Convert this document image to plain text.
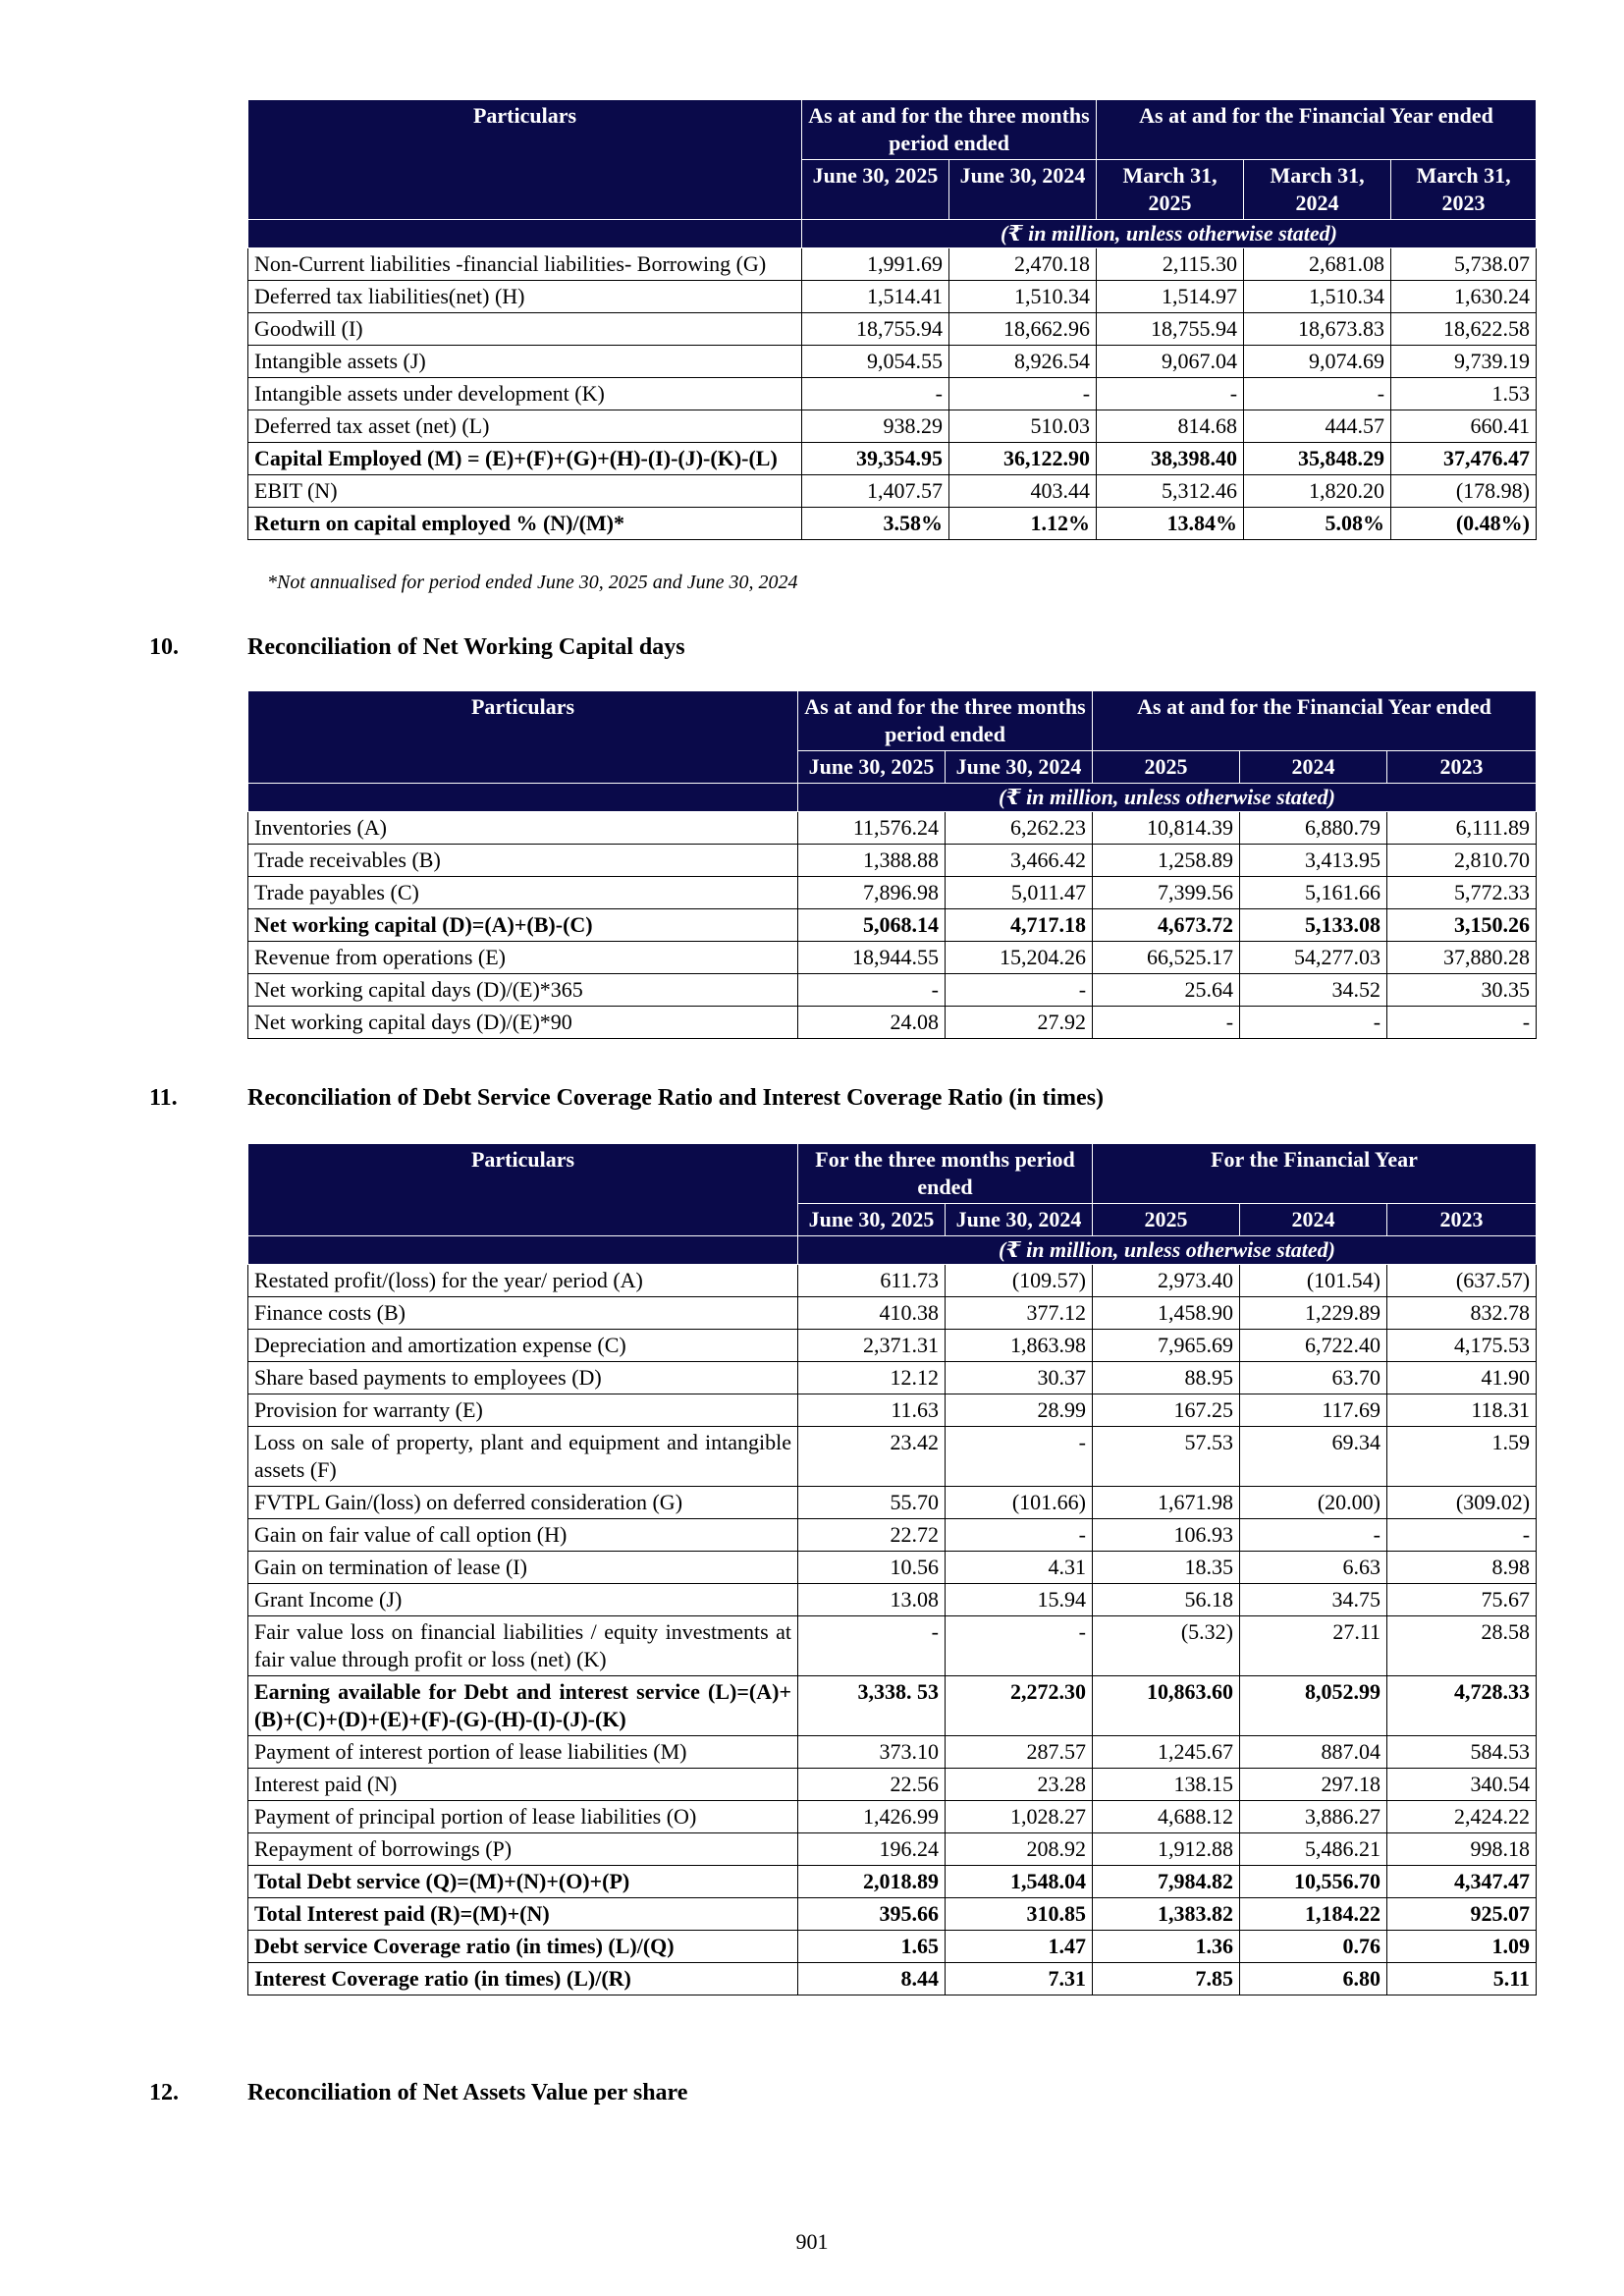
Particulars	As at and for the three months period ended		As at and for the Financial Year ended		
	June 30, 2025	June 30, 2024	March 31, 2025	March 31, 2024	March 31, 2023
	(₹ in million, unless otherwise stated)				
Non-Current liabilities -financial liabilities- Borrowing (G)	1,991.69	2,470.18	2,115.30	2,681.08	5,738.07
Deferred tax liabilities(net) (H)	1,514.41	1,510.34	1,514.97	1,510.34	1,630.24
Goodwill (I)	18,755.94	18,662.96	18,755.94	18,673.83	18,622.58
Intangible assets (J)	9,054.55	8,926.54	9,067.04	9,074.69	9,739.19
Intangible assets under development (K)	-	-	-	-	1.53
Deferred tax asset (net) (L)	938.29	510.03	814.68	444.57	660.41
Capital Employed (M) = (E)+(F)+(G)+(H)-(I)-(J)-(K)-(L)	39,354.95	36,122.90	38,398.40	35,848.29	37,476.47
EBIT (N)	1,407.57	403.44	5,312.46	1,820.20	(178.98)
Return on capital employed % (N)/(M)*	3.58%	1.12%	13.84%	5.08%	(0.48%)
*Not annualised for period ended June 30, 2025 and June 30, 2024
10.	Reconciliation of Net Working Capital days
Particulars	As at and for the three months period ended		As at and for the Financial Year ended		
	June 30, 2025	June 30, 2024	2025	2024	2023
	(₹ in million, unless otherwise stated)				
Inventories (A)	11,576.24	6,262.23	10,814.39	6,880.79	6,111.89
Trade receivables (B)	1,388.88	3,466.42	1,258.89	3,413.95	2,810.70
Trade payables (C)	7,896.98	5,011.47	7,399.56	5,161.66	5,772.33
Net working capital (D)=(A)+(B)-(C)	5,068.14	4,717.18	4,673.72	5,133.08	3,150.26
Revenue from operations (E)	18,944.55	15,204.26	66,525.17	54,277.03	37,880.28
Net working capital days (D)/(E)*365	-	-	25.64	34.52	30.35
Net working capital days (D)/(E)*90	24.08	27.92	-	-	-
11.	Reconciliation of Debt Service Coverage Ratio and Interest Coverage Ratio (in times)
Particulars	For the three months period ended		For the Financial Year		
	June 30, 2025	June 30, 2024	2025	2024	2023
	(₹ in million, unless otherwise stated)				
Restated profit/(loss) for the year/ period (A)	611.73	(109.57)	2,973.40	(101.54)	(637.57)
Finance costs (B)	410.38	377.12	1,458.90	1,229.89	832.78
Depreciation and amortization expense (C)	2,371.31	1,863.98	7,965.69	6,722.40	4,175.53
Share based payments to employees (D)	12.12	30.37	88.95	63.70	41.90
Provision for warranty (E)	11.63	28.99	167.25	117.69	118.31
Loss on sale of property, plant and equipment and intangible assets (F)	23.42	-	57.53	69.34	1.59
FVTPL Gain/(loss) on deferred consideration (G)	55.70	(101.66)	1,671.98	(20.00)	(309.02)
Gain on fair value of call option (H)	22.72	-	106.93	-	-
Gain on termination of lease (I)	10.56	4.31	18.35	6.63	8.98
Grant Income (J)	13.08	15.94	56.18	34.75	75.67
Fair value loss on financial liabilities / equity investments at fair value through profit or loss (net) (K)	-	-	(5.32)	27.11	28.58
Earning available for Debt and interest service (L)=(A)+(B)+(C)+(D)+(E)+(F)-(G)-(H)-(I)-(J)-(K)	3,338. 53	2,272.30	10,863.60	8,052.99	4,728.33
Payment of interest portion of lease liabilities (M)	373.10	287.57	1,245.67	887.04	584.53
Interest paid (N)	22.56	23.28	138.15	297.18	340.54
Payment of principal portion of lease liabilities (O)	1,426.99	1,028.27	4,688.12	3,886.27	2,424.22
Repayment of borrowings (P)	196.24	208.92	1,912.88	5,486.21	998.18
Total Debt service (Q)=(M)+(N)+(O)+(P)	2,018.89	1,548.04	7,984.82	10,556.70	4,347.47
Total Interest paid (R)=(M)+(N)	395.66	310.85	1,383.82	1,184.22	925.07
Debt service Coverage ratio (in times) (L)/(Q)	1.65	1.47	1.36	0.76	1.09
Interest Coverage ratio (in times) (L)/(R)	8.44	7.31	7.85	6.80	5.11
12.	Reconciliation of Net Assets Value per share
901
